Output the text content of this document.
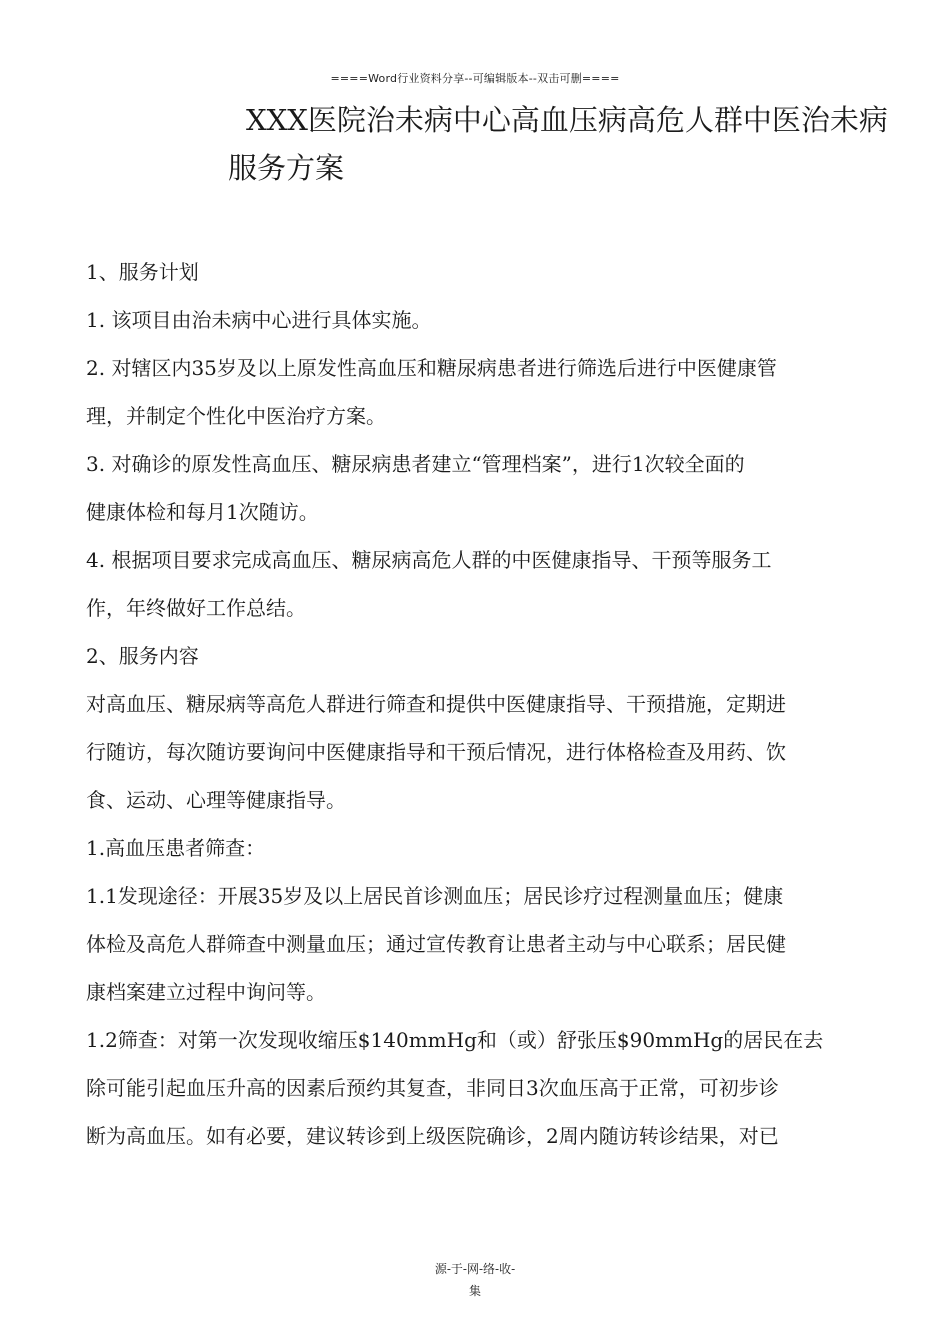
====Word行业资料分享--可编辑版本--双击可删====
XXX医院治未病中心高血压病高危人群中医治未病
服务方案

1、服务计划

1. 该项目由治未病中心进行具体实施。

2. 对辖区内35岁及以上原发性高血压和糖尿病患者进行筛选后进行中医健康管

理，并制定个性化中医治疗方案。

3. 对确诊的原发性高血压、糖尿病患者建立“管理档案”，进行1次较全面的

健康体检和每月1次随访。

4. 根据项目要求完成高血压、糖尿病高危人群的中医健康指导、干预等服务工

作，年终做好工作总结。

2、服务内容

对高血压、糖尿病等高危人群进行筛查和提供中医健康指导、干预措施，定期进

行随访，每次随访要询问中医健康指导和干预后情况，进行体格检查及用药、饮

食、运动、心理等健康指导。

1.高血压患者筛查：

1.1发现途径：开展35岁及以上居民首诊测血压；居民诊疗过程测量血压；健康

体检及高危人群筛查中测量血压；通过宣传教育让患者主动与中心联系；居民健

康档案建立过程中询问等。

1.2筛查：对第一次发现收缩压$140mmHg和（或）舒张压$90mmHg的居民在去

除可能引起血压升高的因素后预约其复查，非同日3次血压高于正常，可初步诊

断为高血压。如有必要，建议转诊到上级医院确诊，2周内随访转诊结果，对已

源-于-网-络-收-
集
